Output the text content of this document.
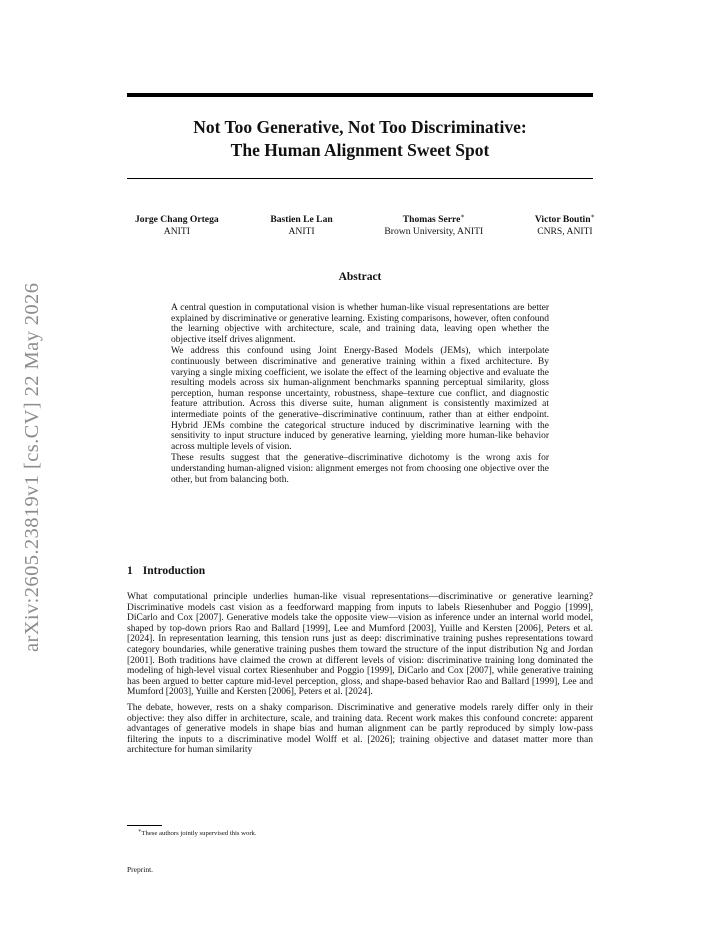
arXiv:2605.23819v1 [cs.CV] 22 May 2026
Not Too Generative, Not Too Discriminative:
The Human Alignment Sweet Spot
Jorge Chang Ortega
ANITI
Bastien Le Lan
ANITI
Thomas Serre∗
Brown University, ANITI
Victor Boutin∗
CNRS, ANITI
Abstract

A central question in computational vision is whether human-like visual representations are better explained by discriminative or generative learning. Existing comparisons, however, often confound the learning objective with architecture, scale, and training data, leaving open whether the objective itself drives alignment.

We address this confound using Joint Energy-Based Models (JEMs), which interpolate continuously between discriminative and generative training within a fixed architecture. By varying a single mixing coefficient, we isolate the effect of the learning objective and evaluate the resulting models across six human-alignment benchmarks spanning perceptual similarity, gloss perception, human response uncertainty, robustness, shape–texture cue conflict, and diagnostic feature attribution. Across this diverse suite, human alignment is consistently maximized at intermediate points of the generative–discriminative continuum, rather than at either endpoint. Hybrid JEMs combine the categorical structure induced by discriminative learning with the sensitivity to input structure induced by generative learning, yielding more human-like behavior across multiple levels of vision.

These results suggest that the generative–discriminative dichotomy is the wrong axis for understanding human-aligned vision: alignment emerges not from choosing one objective over the other, but from balancing both.

1 Introduction

What computational principle underlies human-like visual representations—discriminative or generative learning? Discriminative models cast vision as a feedforward mapping from inputs to labels Riesenhuber and Poggio [1999], DiCarlo and Cox [2007]. Generative models take the opposite view—vision as inference under an internal world model, shaped by top-down priors Rao and Ballard [1999], Lee and Mumford [2003], Yuille and Kersten [2006], Peters et al. [2024]. In representation learning, this tension runs just as deep: discriminative training pushes representations toward category boundaries, while generative training pushes them toward the structure of the input distribution Ng and Jordan [2001]. Both traditions have claimed the crown at different levels of vision: discriminative training long dominated the modeling of high-level visual cortex Riesenhuber and Poggio [1999], DiCarlo and Cox [2007], while generative training has been argued to better capture mid-level perception, gloss, and shape-based behavior Rao and Ballard [1999], Lee and Mumford [2003], Yuille and Kersten [2006], Peters et al. [2024].

The debate, however, rests on a shaky comparison. Discriminative and generative models rarely differ only in their objective: they also differ in architecture, scale, and training data. Recent work makes this confound concrete: apparent advantages of generative models in shape bias and human alignment can be partly reproduced by simply low-pass filtering the inputs to a discriminative model Wolff et al. [2026]; training objective and dataset matter more than architecture for human similarity

∗These authors jointly supervised this work.
Preprint.
